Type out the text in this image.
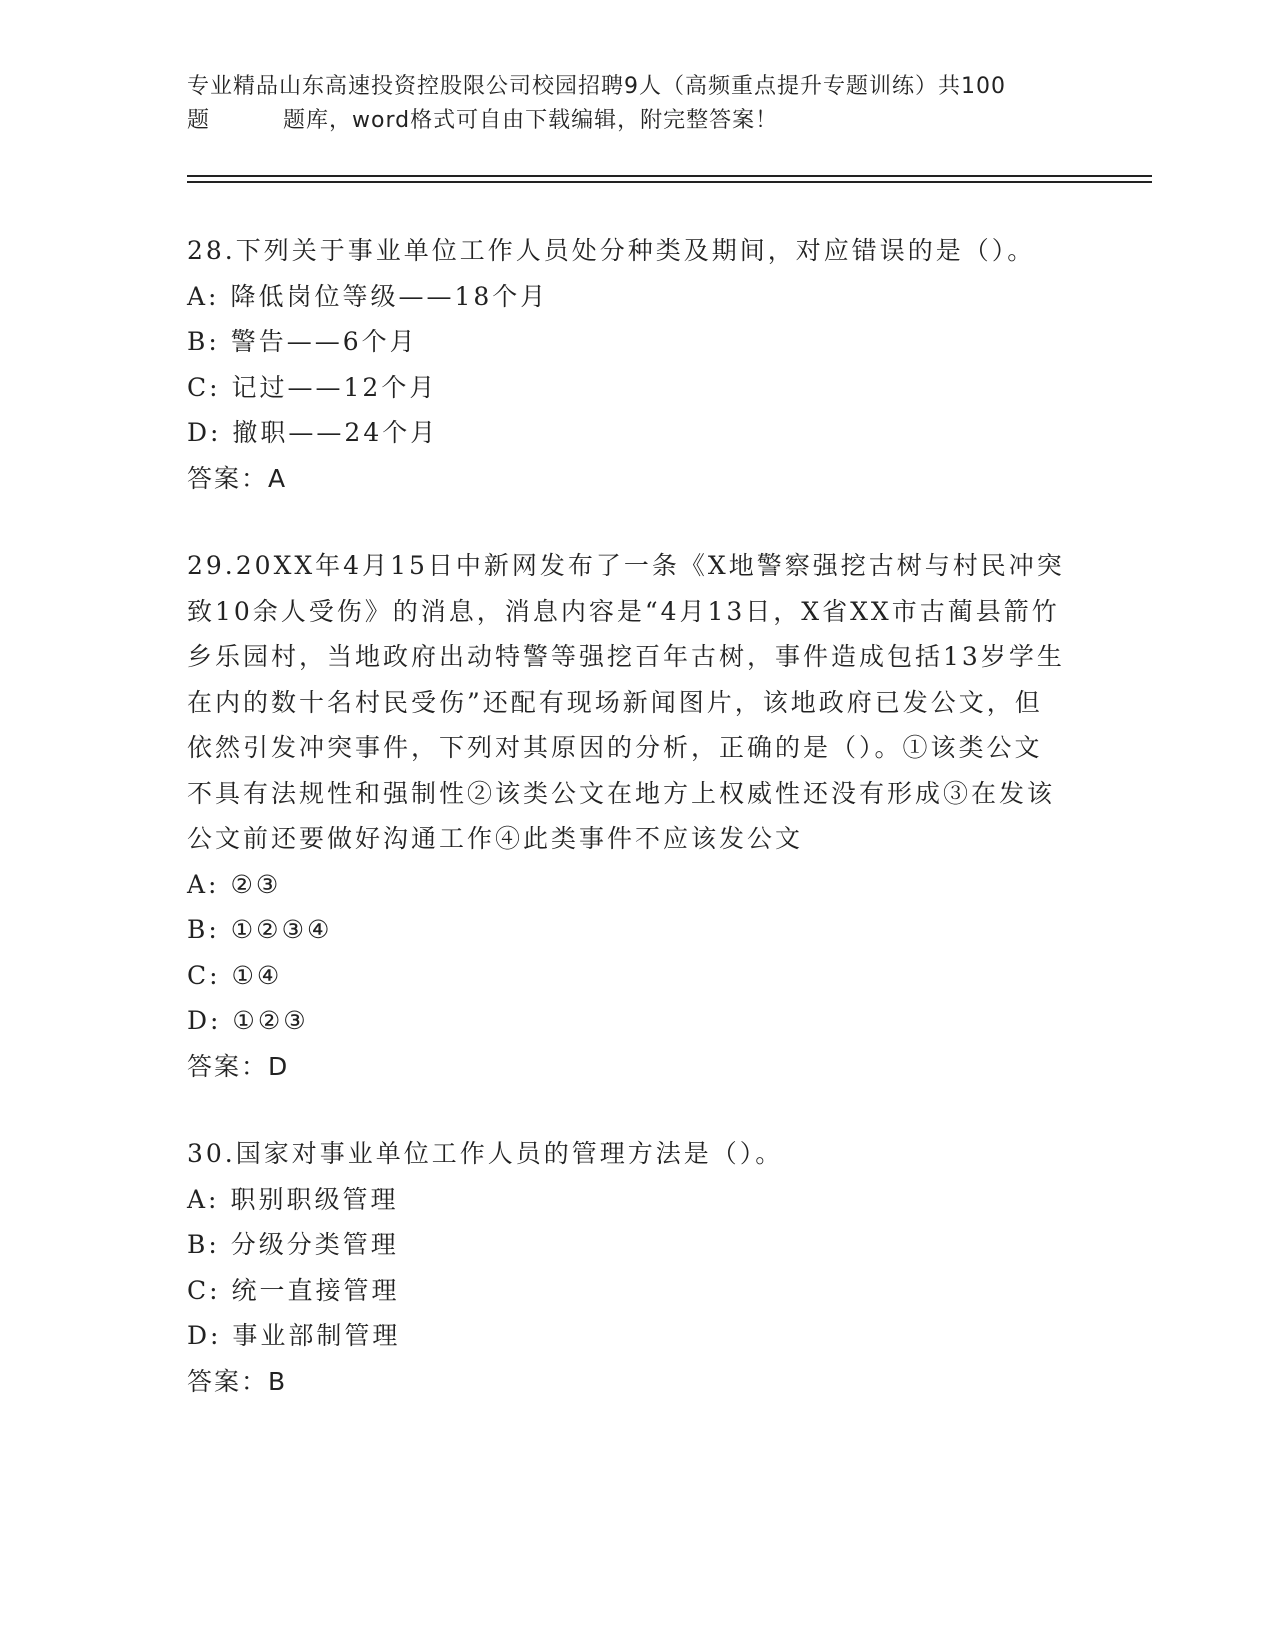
专业精品山东高速投资控股限公司校园招聘9人（高频重点提升专题训练）共100
题	题库，word格式可自由下载编辑，附完整答案！
28.下列关于事业单位工作人员处分种类及期间，对应错误的是（）。
A: 降低岗位等级——18个月
B: 警告——6个月
C: 记过——12个月
D: 撤职——24个月
答案：A
29.20XX年4月15日中新网发布了一条《X地警察强挖古树与村民冲突致10余人受伤》的消息，消息内容是“4月13日，X省XX市古蔺县箭竹乡乐园村，当地政府出动特警等强挖百年古树，事件造成包括13岁学生在内的数十名村民受伤”还配有现场新闻图片，该地政府已发公文，但依然引发冲突事件，下列对其原因的分析，正确的是（）。①该类公文不具有法规性和强制性②该类公文在地方上权威性还没有形成③在发该公文前还要做好沟通工作④此类事件不应该发公文
A: ②③
B: ①②③④
C: ①④
D: ①②③
答案：D
30.国家对事业单位工作人员的管理方法是（）。
A: 职别职级管理
B: 分级分类管理
C: 统一直接管理
D: 事业部制管理
答案：B
